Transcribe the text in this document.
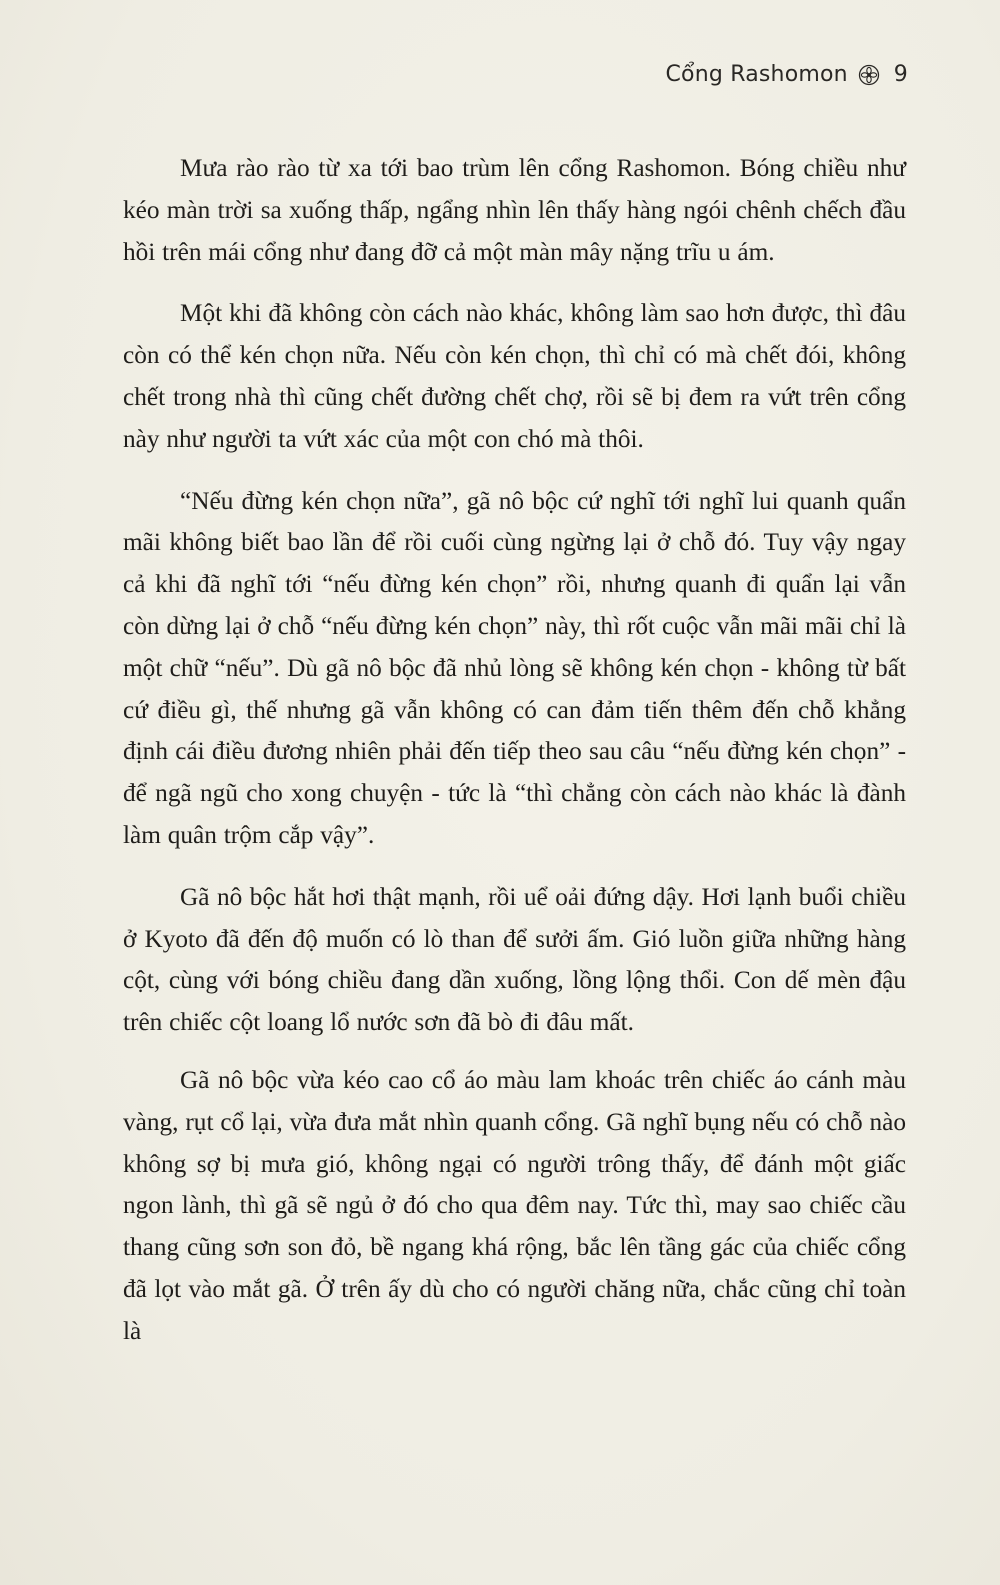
Cổng Rashomon 9

Mưa rào rào từ xa tới bao trùm lên cổng Rashomon. Bóng chiều như kéo màn trời sa xuống thấp, ngẩng nhìn lên thấy hàng ngói chênh chếch đầu hồi trên mái cổng như đang đỡ cả một màn mây nặng trĩu u ám.

Một khi đã không còn cách nào khác, không làm sao hơn được, thì đâu còn có thể kén chọn nữa. Nếu còn kén chọn, thì chỉ có mà chết đói, không chết trong nhà thì cũng chết đường chết chợ, rồi sẽ bị đem ra vứt trên cổng này như người ta vứt xác của một con chó mà thôi.

“Nếu đừng kén chọn nữa”, gã nô bộc cứ nghĩ tới nghĩ lui quanh quẩn mãi không biết bao lần để rồi cuối cùng ngừng lại ở chỗ đó. Tuy vậy ngay cả khi đã nghĩ tới “nếu đừng kén chọn” rồi, nhưng quanh đi quẩn lại vẫn còn dừng lại ở chỗ “nếu đừng kén chọn” này, thì rốt cuộc vẫn mãi mãi chỉ là một chữ “nếu”. Dù gã nô bộc đã nhủ lòng sẽ không kén chọn - không từ bất cứ điều gì, thế nhưng gã vẫn không có can đảm tiến thêm đến chỗ khẳng định cái điều đương nhiên phải đến tiếp theo sau câu “nếu đừng kén chọn” - để ngã ngũ cho xong chuyện - tức là “thì chẳng còn cách nào khác là đành làm quân trộm cắp vậy”.

Gã nô bộc hắt hơi thật mạnh, rồi uể oải đứng dậy. Hơi lạnh buổi chiều ở Kyoto đã đến độ muốn có lò than để sưởi ấm. Gió luồn giữa những hàng cột, cùng với bóng chiều đang dần xuống, lồng lộng thổi. Con dế mèn đậu trên chiếc cột loang lổ nước sơn đã bò đi đâu mất.

Gã nô bộc vừa kéo cao cổ áo màu lam khoác trên chiếc áo cánh màu vàng, rụt cổ lại, vừa đưa mắt nhìn quanh cổng. Gã nghĩ bụng nếu có chỗ nào không sợ bị mưa gió, không ngại có người trông thấy, để đánh một giấc ngon lành, thì gã sẽ ngủ ở đó cho qua đêm nay. Tức thì, may sao chiếc cầu thang cũng sơn son đỏ, bề ngang khá rộng, bắc lên tầng gác của chiếc cổng đã lọt vào mắt gã. Ở trên ấy dù cho có người chăng nữa, chắc cũng chỉ toàn là
